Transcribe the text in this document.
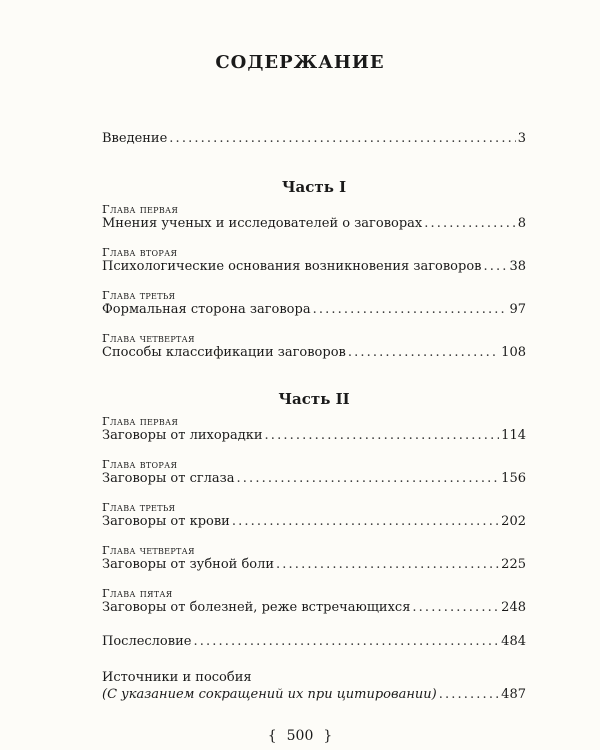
СОДЕРЖАНИЕ
Введение . . .	3
Часть I
Глава первая
Мнения ученых и исследователей о заговорах . . .	8
Глава вторая
Психологические основания возникновения заговоров . . . 38
Глава третья
Формальная сторона заговора . . .	97
Глава четвертая
Способы классификации заговоров . . .	108
Часть II
Глава первая
Заговоры от лихорадки . . .	114
Глава вторая
Заговоры от сглаза . . .	156
Глава третья
Заговоры от крови . . .	202
Глава четвертая
Заговоры от зубной боли . . .	225
Глава пятая
Заговоры от болезней, реже встречающихся . . .	248
Послесловие . . .	484
Источники и пособия
(С указанием сокращений их при цитировании) . . .	487
{ 500 }
